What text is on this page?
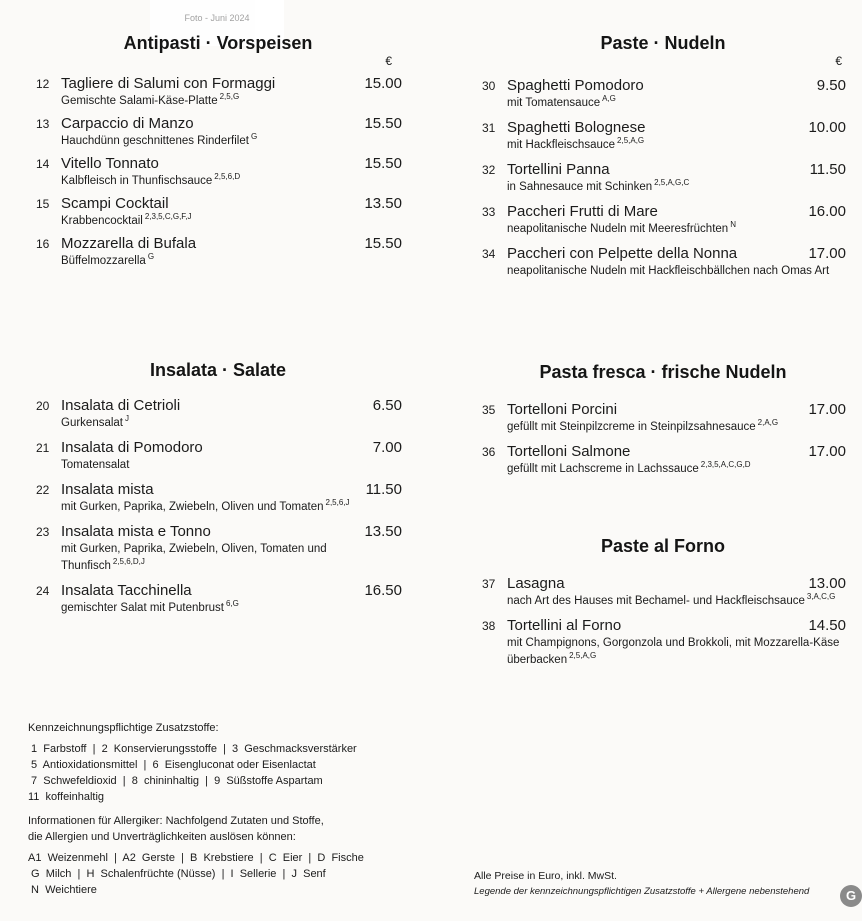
Foto - Juni 2024
Antipasti · Vorspeisen
€
12 Tagliere di Salumi con Formaggi	15.00
Gemischte Salami-Käse-Platte $^{2,5,G}$
13 Carpaccio di Manzo	15.50
Hauchdünn geschnittenes Rinderfilet $^G$
14 Vitello Tonnato	15.50
Kalbfleisch in Thunfischsauce $^{2,5,6,D}$
15 Scampi Cocktail	13.50
Krabbencocktail $^{2,3,5,C,G,F,J}$
16 Mozzarella di Bufala	15.50
Büffelmozzarella $^G$
Insalata · Salate
20 Insalata di Cetrioli	6.50
Gurkensalat $^J$
21 Insalata di Pomodoro	7.00
Tomatensalat
22 Insalata mista	11.50
mit Gurken, Paprika, Zwiebeln, Oliven und Tomaten $^{2,5,6,J}$
23 Insalata mista e Tonno	13.50
mit Gurken, Paprika, Zwiebeln, Oliven, Tomaten und Thunfisch $^{2,5,6,D,J}$
24 Insalata Tacchinella	16.50
gemischter Salat mit Putenbrust $^{6,G}$
Paste · Nudeln
€
30 Spaghetti Pomodoro	9.50
mit Tomatensauce $^{A,G}$
31 Spaghetti Bolognese	10.00
mit Hackfleischsauce $^{2,5,A,G}$
32 Tortellini Panna	11.50
in Sahnesauce mit Schinken $^{2,5,A,G,C}$
33 Paccheri Frutti di Mare	16.00
neapolitanische Nudeln mit Meeresfrüchten $^N$
34 Paccheri con Pelpette della Nonna	17.00
neapolitanische Nudeln mit Hackfleischbällchen nach Omas Art
Pasta fresca · frische Nudeln
35 Tortelloni Porcini	17.00
gefüllt mit Steinpilzcreme in Steinpilzsahnesauce $^{2,A,G}$
36 Tortelloni Salmone	17.00
gefüllt mit Lachscreme in Lachssauce $^{2,3,5,A,C,G,D}$
Paste al Forno
37 Lasagna	13.00
nach Art des Hauses mit Bechamel- und Hackfleischsauce $^{3,A,C,G}$
38 Tortellini al Forno	14.50
mit Champignons, Gorgonzola und Brokkoli, mit Mozzarella-Käse überbacken $^{2,5,A,G}$

Kennzeichnungspflichtige Zusatzstoffe:

1  Farbstoff  |  2  Konservierungsstoffe  |  3  Geschmacksverstärker

5  Antioxidationsmittel  |  6  Eisengluconat oder Eisenlactat

7  Schwefeldioxid  |  8  chininhaltig  |  9  Süßstoffe Aspartam

11  koffeinhaltig

Informationen für Allergiker: Nachfolgend Zutaten und Stoffe,

die Allergien und Unverträglichkeiten auslösen können:

A1  Weizenmehl  |  A2  Gerste  |  B  Krebstiere  |  C  Eier  |  D  Fische

G  Milch  |  H  Schalenfrüchte (Nüsse)  |  I  Sellerie  |  J  Senf

N  Weichtiere

Alle Preise in Euro, inkl. MwSt.
Legende der kennzeichnungspflichtigen Zusatzstoffe + Allergene nebenstehend	G
